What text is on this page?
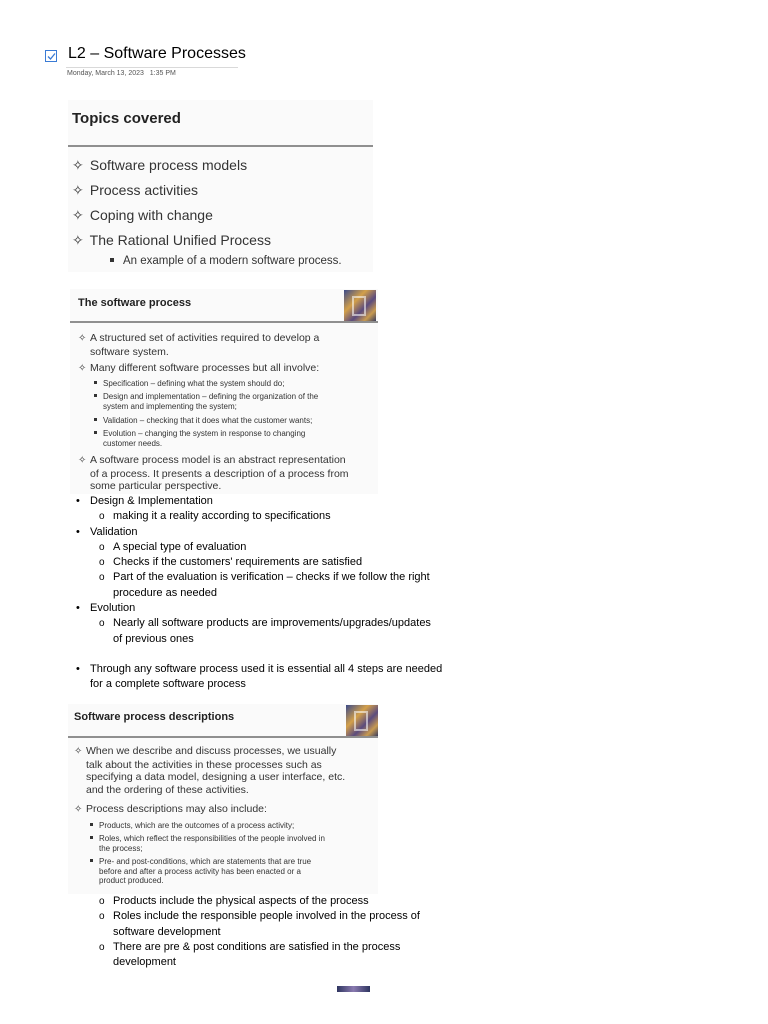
L2 – Software Processes
Monday, March 13, 2023 1:35 PM
Topics covered
✧ Software process models
✧ Process activities
✧ Coping with change
✧ The Rational Unified Process
An example of a modern software process.
The software process
✧ A structured set of activities required to develop a
software system.
✧ Many different software processes but all involve:
Specification – defining what the system should do;
Design and implementation – defining the organization of the
system and implementing the system;
Validation – checking that it does what the customer wants;
Evolution – changing the system in response to changing
customer needs.
✧ A software process model is an abstract representation
of a process. It presents a description of a process from
some particular perspective.
• Design & Implementation
o making it a reality according to specifications
• Validation
o A special type of evaluation
o Checks if the customers' requirements are satisfied
o Part of the evaluation is verification – checks if we follow the right
procedure as needed
• Evolution
o Nearly all software products are improvements/upgrades/updates
of previous ones
• Through any software process used it is essential all 4 steps are needed
for a complete software process
Software process descriptions
✧ When we describe and discuss processes, we usually
talk about the activities in these processes such as
specifying a data model, designing a user interface, etc.
and the ordering of these activities.
✧ Process descriptions may also include:
Products, which are the outcomes of a process activity;
Roles, which reflect the responsibilities of the people involved in
the process;
Pre- and post-conditions, which are statements that are true
before and after a process activity has been enacted or a
product produced.
o Products include the physical aspects of the process
o Roles include the responsible people involved in the process of
software development
o There are pre & post conditions are satisfied in the process
development
